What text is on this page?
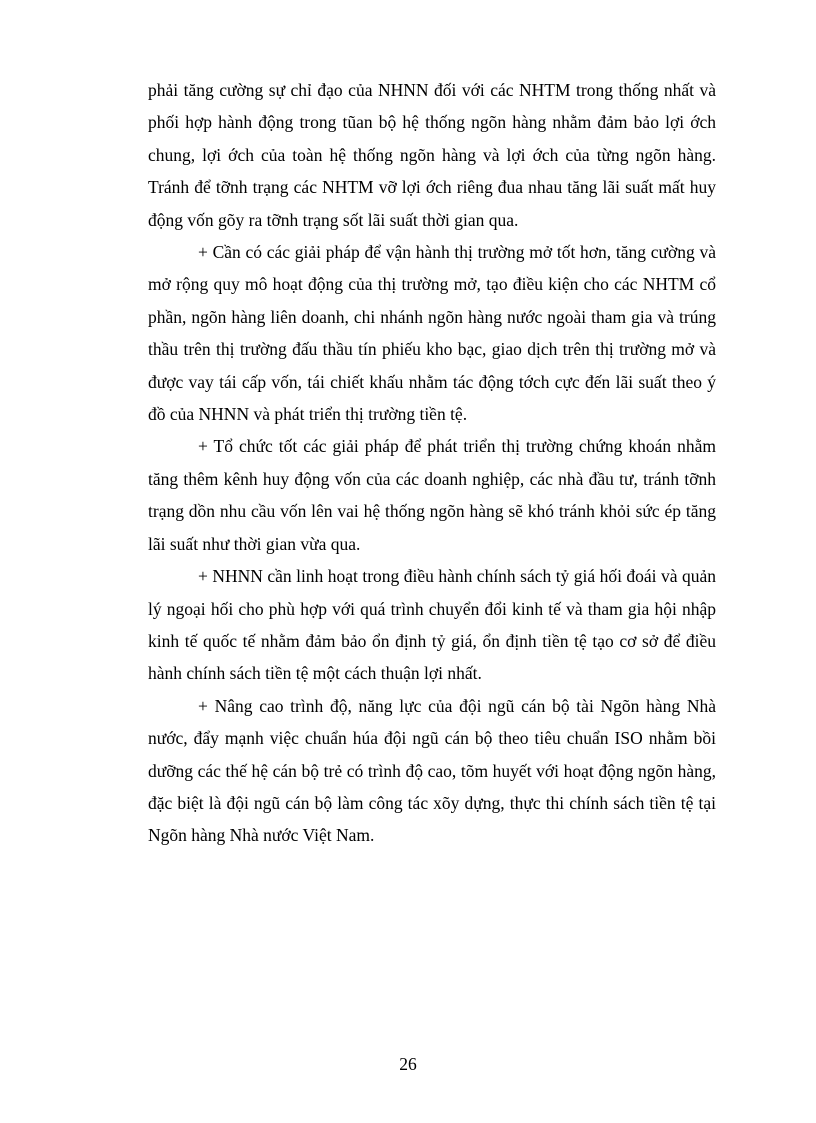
phải tăng cường sự chỉ đạo của NHNN đối với các NHTM trong thống nhất và phối hợp hành động trong tũan bộ hệ thống ngõn hàng nhằm đảm bảo lợi ớch chung, lợi ớch của toàn hệ thống ngõn hàng và lợi ớch của từng ngõn hàng. Tránh để tỡnh trạng các NHTM vỡ lợi ớch riêng đua nhau tăng lãi suất mất huy động vốn gõy ra tỡnh trạng sốt lãi suất thời gian qua.

+ Cần có các giải pháp để vận hành thị trường mở tốt hơn, tăng cường và mở rộng quy mô hoạt động của thị trường mở, tạo điều kiện cho các NHTM cổ phần, ngõn hàng liên doanh, chi nhánh ngõn hàng nước ngoài tham gia và trúng thầu trên thị trường đấu thầu tín phiếu kho bạc, giao dịch trên thị trường mở và được vay tái cấp vốn, tái chiết khấu nhằm tác động tớch cực đến lãi suất theo ý đồ của NHNN và phát triển thị trường tiền tệ.

+ Tổ chức tốt các giải pháp để phát triển thị trường chứng khoán nhằm tăng thêm kênh huy động vốn của các doanh nghiệp, các nhà đầu tư, tránh tỡnh trạng dồn nhu cầu vốn lên vai hệ thống ngõn hàng sẽ khó tránh khỏi sức ép tăng lãi suất như thời gian vừa qua.

+ NHNN cần linh hoạt trong điều hành chính sách tỷ giá hối đoái và quản lý ngoại hối cho phù hợp với quá trình chuyển đổi kinh tế và tham gia hội nhập kinh tế quốc tế nhằm đảm bảo ổn định tỷ giá, ổn định tiền tệ tạo cơ sở để điều hành chính sách tiền tệ một cách thuận lợi nhất.

+ Nâng cao trình độ, năng lực của đội ngũ cán bộ tài Ngõn hàng Nhà nước, đẩy mạnh việc chuẩn húa đội ngũ cán bộ theo tiêu chuẩn ISO nhằm bồi dưỡng các thế hệ cán bộ trẻ có trình độ cao, tõm huyết với hoạt động ngõn hàng, đặc biệt là đội ngũ cán bộ làm công tác xõy dựng, thực thi chính sách tiền tệ tại Ngõn hàng Nhà nước Việt Nam.

26
